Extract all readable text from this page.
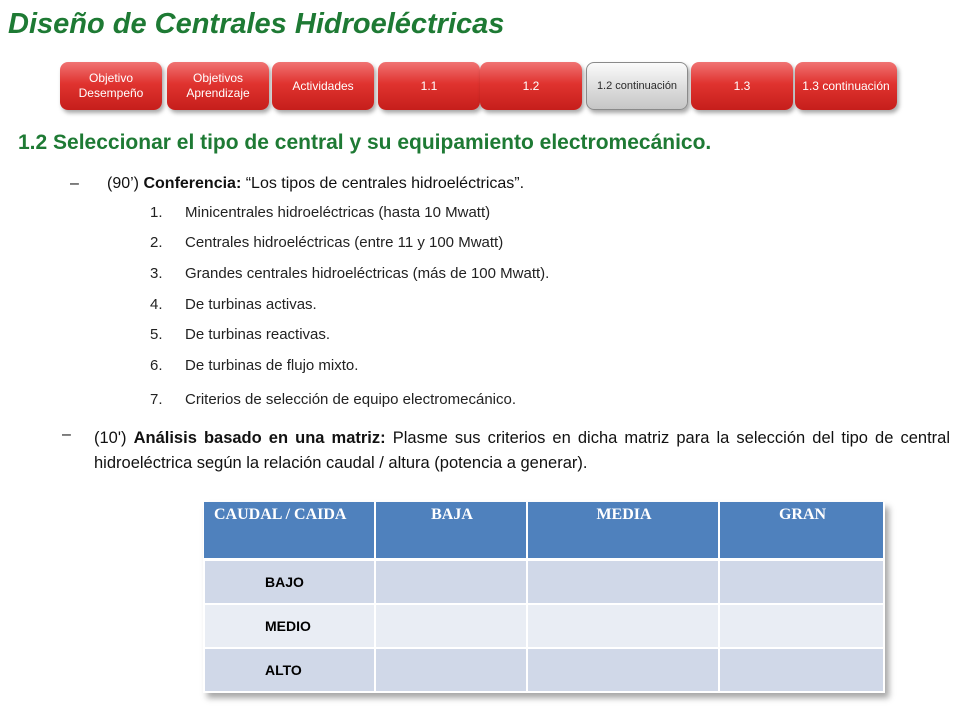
Diseño de Centrales Hidroeléctricas
Objetivo Desempeño
Objetivos Aprendizaje
Actividades	1.1	1.2	1.2 continuación	1.3	1.3 continuación
1.2 Seleccionar el tipo de central y su equipamiento electromecánico.
– (90’) Conferencia: “Los tipos de centrales hidroeléctricas”.
1. Minicentrales hidroeléctricas (hasta 10 Mwatt)
2. Centrales hidroeléctricas (entre 11 y 100 Mwatt)
3. Grandes centrales hidroeléctricas (más de 100 Mwatt).
4. De turbinas activas.
5. De turbinas reactivas.
6. De turbinas de flujo mixto.
7. Criterios de selección de equipo electromecánico.
– (10') Análisis basado en una matriz: Plasme sus criterios en dicha matriz para la selección del tipo de central hidroeléctrica según la relación caudal / altura (potencia a generar).
CAUDAL / CAIDA	BAJA	MEDIA	GRAN
BAJO			
MEDIO			
ALTO			
